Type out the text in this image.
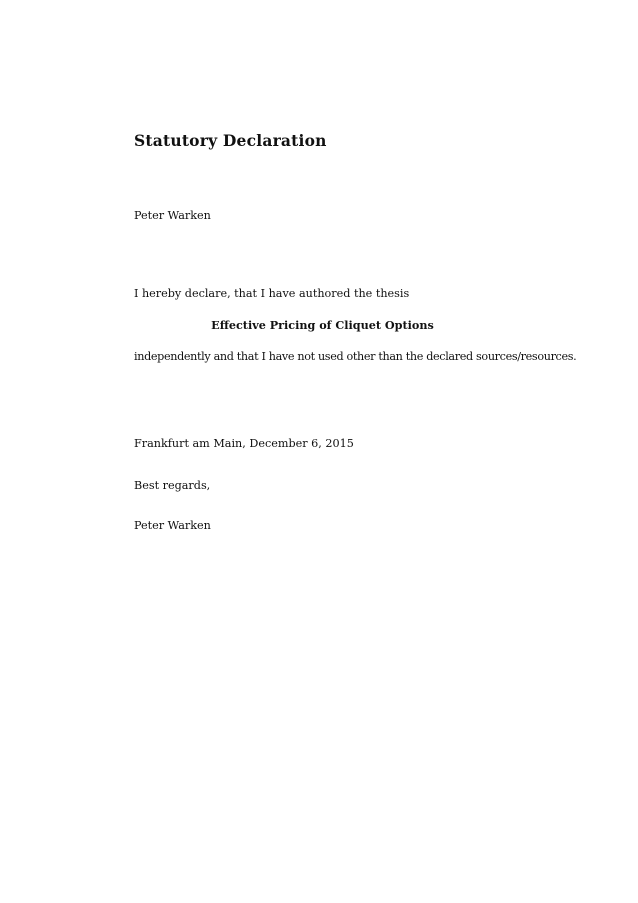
Statutory Declaration
Peter Warken
I hereby declare, that I have authored the thesis
Effective Pricing of Cliquet Options
independently and that I have not used other than the declared sources/resources.
Frankfurt am Main, December 6, 2015
Best regards,
Peter Warken
